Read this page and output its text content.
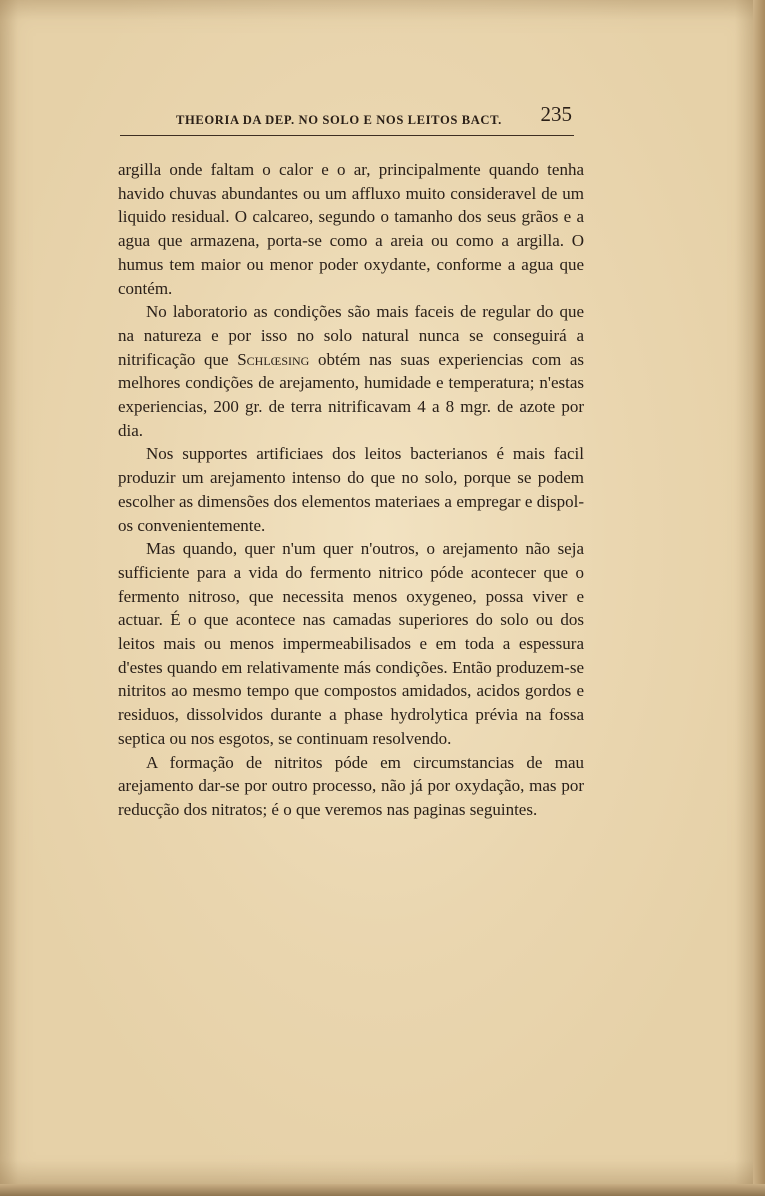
THEORIA DA DEP. NO SOLO E NOS LEITOS BACT. 235

argilla onde faltam o calor e o ar, principalmente quando tenha havido chuvas abundantes ou um affluxo muito consideravel de um liquido residual. O calcareo, segundo o tamanho dos seus grãos e a agua que armazena, porta-se como a areia ou como a argilla. O humus tem maior ou menor poder oxydante, conforme a agua que contém.

No laboratorio as condições são mais faceis de regular do que na natureza e por isso no solo natural nunca se conseguirá a nitrificação que Schlœsing obtém nas suas experiencias com as melhores condições de arejamento, humidade e temperatura; n'estas experiencias, 200 gr. de terra nitrificavam 4 a 8 mgr. de azote por dia.

Nos supportes artificiaes dos leitos bacterianos é mais facil produzir um arejamento intenso do que no solo, porque se podem escolher as dimensões dos elementos materiaes a empregar e dispol-os convenientemente.

Mas quando, quer n'um quer n'outros, o arejamento não seja sufficiente para a vida do fermento nitrico póde acontecer que o fermento nitroso, que necessita menos oxygeneo, possa viver e actuar. É o que acontece nas camadas superiores do solo ou dos leitos mais ou menos impermeabilisados e em toda a espessura d'estes quando em relativamente más condições. Então produzem-se nitritos ao mesmo tempo que compostos amidados, acidos gordos e residuos, dissolvidos durante a phase hydrolytica prévia na fossa septica ou nos esgotos, se continuam resolvendo.

A formação de nitritos póde em circumstancias de mau arejamento dar-se por outro processo, não já por oxydação, mas por reducção dos nitratos; é o que veremos nas paginas seguintes.
